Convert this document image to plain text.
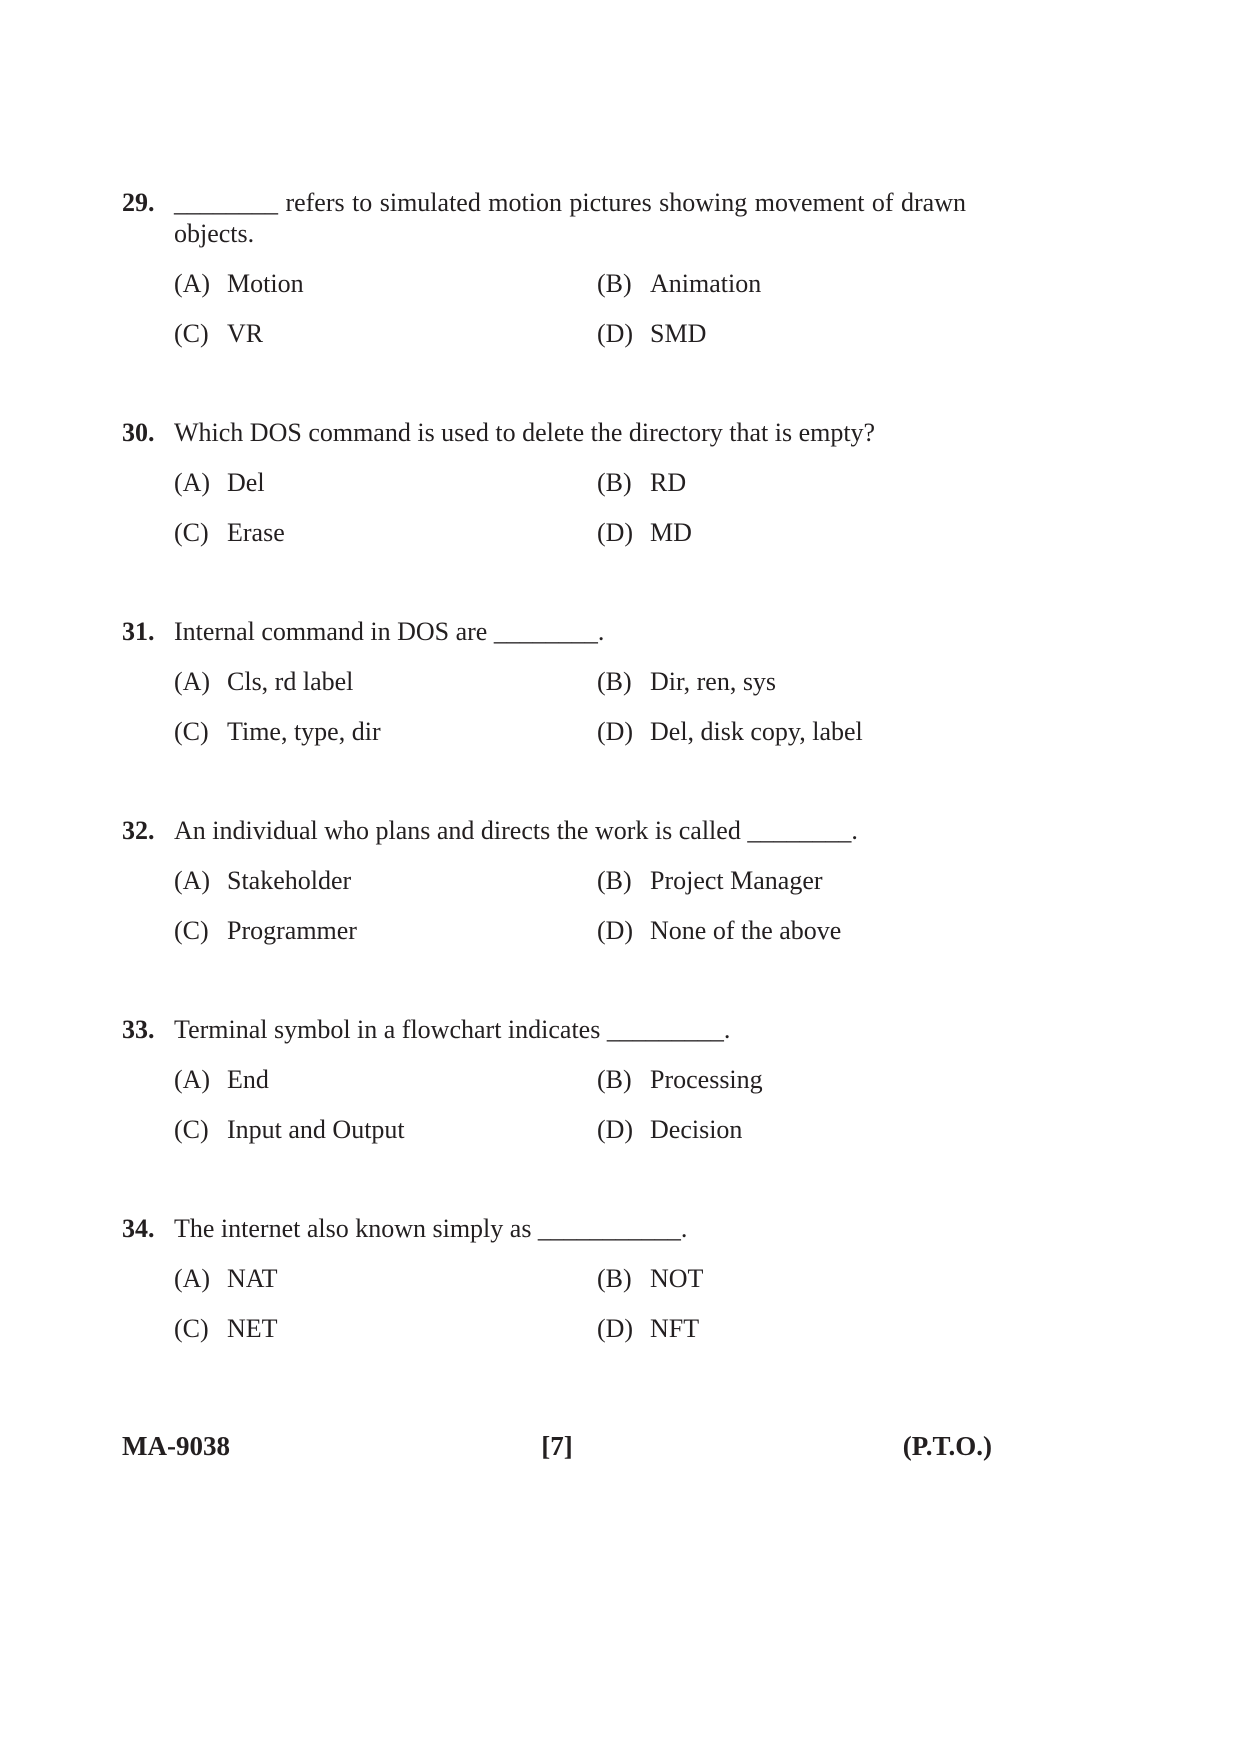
29. ________ refers to simulated motion pictures showing movement of drawn objects.
(A) Motion	(B) Animation
(C) VR	(D) SMD
30. Which DOS command is used to delete the directory that is empty?
(A) Del	(B) RD
(C) Erase	(D) MD
31. Internal command in DOS are ________.
(A) Cls, rd label	(B) Dir, ren, sys
(C) Time, type, dir	(D) Del, disk copy, label
32. An individual who plans and directs the work is called ________.
(A) Stakeholder	(B) Project Manager
(C) Programmer	(D) None of the above
33. Terminal symbol in a flowchart indicates _________.
(A) End	(B) Processing
(C) Input and Output	(D) Decision
34. The internet also known simply as ___________.
(A) NAT	(B) NOT
(C) NET	(D) NFT
MA-9038	[7]	(P.T.O.)
